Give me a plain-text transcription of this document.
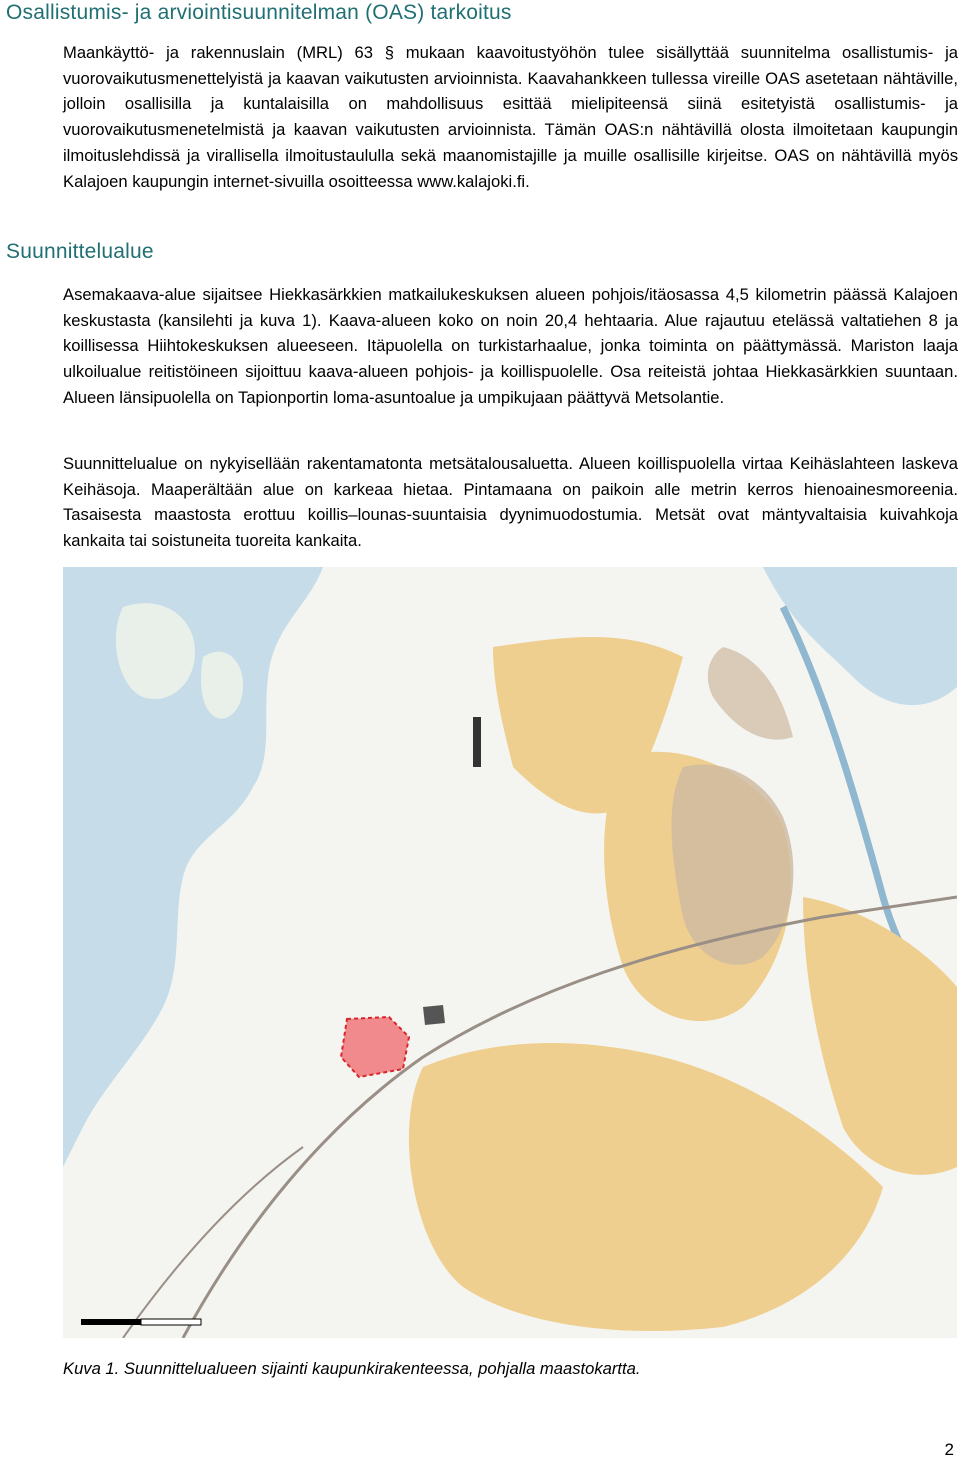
Osallistumis- ja arviointisuunnitelman (OAS) tarkoitus

Maankäyttö- ja rakennuslain (MRL) 63 § mukaan kaavoitustyöhön tulee sisällyttää suunnitelma osallistumis- ja vuorovaikutusmenettelyistä ja kaavan vaikutusten arvioinnista. Kaavahankkeen tullessa vireille OAS asetetaan nähtäville, jolloin osallisilla ja kuntalaisilla on mahdollisuus esittää mielipiteensä siinä esitetyistä osallistumis- ja vuorovaikutusmenetelmistä ja kaavan vaikutusten arvioinnista. Tämän OAS:n nähtävillä olosta ilmoitetaan kaupungin ilmoituslehdissä ja virallisella ilmoitustaululla sekä maanomistajille ja muille osallisille kirjeitse. OAS on nähtävillä myös Kalajoen kaupungin internet-sivuilla osoitteessa www.kalajoki.fi.

Suunnittelualue

Asemakaava-alue sijaitsee Hiekkasärkkien matkailukeskuksen alueen pohjois/itäosassa 4,5 kilometrin päässä Kalajoen keskustasta (kansilehti ja kuva 1). Kaava-alueen koko on noin 20,4 hehtaaria. Alue rajautuu etelässä valtatiehen 8 ja koillisessa Hiihtokeskuksen alueeseen. Itäpuolella on turkistarhaalue, jonka toiminta on päättymässä. Mariston laaja ulkoilualue reitistöineen sijoittuu kaava-alueen pohjois- ja koillispuolelle. Osa reiteistä johtaa Hiekkasärkkien suuntaan. Alueen länsipuolella on Tapionportin loma-asuntoalue ja umpikujaan päättyvä Metsolantie.

Suunnittelualue on nykyisellään rakentamatonta metsätalousaluetta. Alueen koillispuolella virtaa Keihäslahteen laskeva Keihäsoja. Maaperältään alue on karkeaa hietaa. Pintamaana on paikoin alle metrin kerros hienoainesmoreenia. Tasaisesta maastosta erottuu koillis–lounas-suuntaisia dyynimuodostumia. Metsät ovat mäntyvaltaisia kuivahkoja kankaita tai soistuneita tuoreita kankaita.

Kuva 1. Suunnittelualueen sijainti kaupunkirakenteessa, pohjalla maastokartta.
2
